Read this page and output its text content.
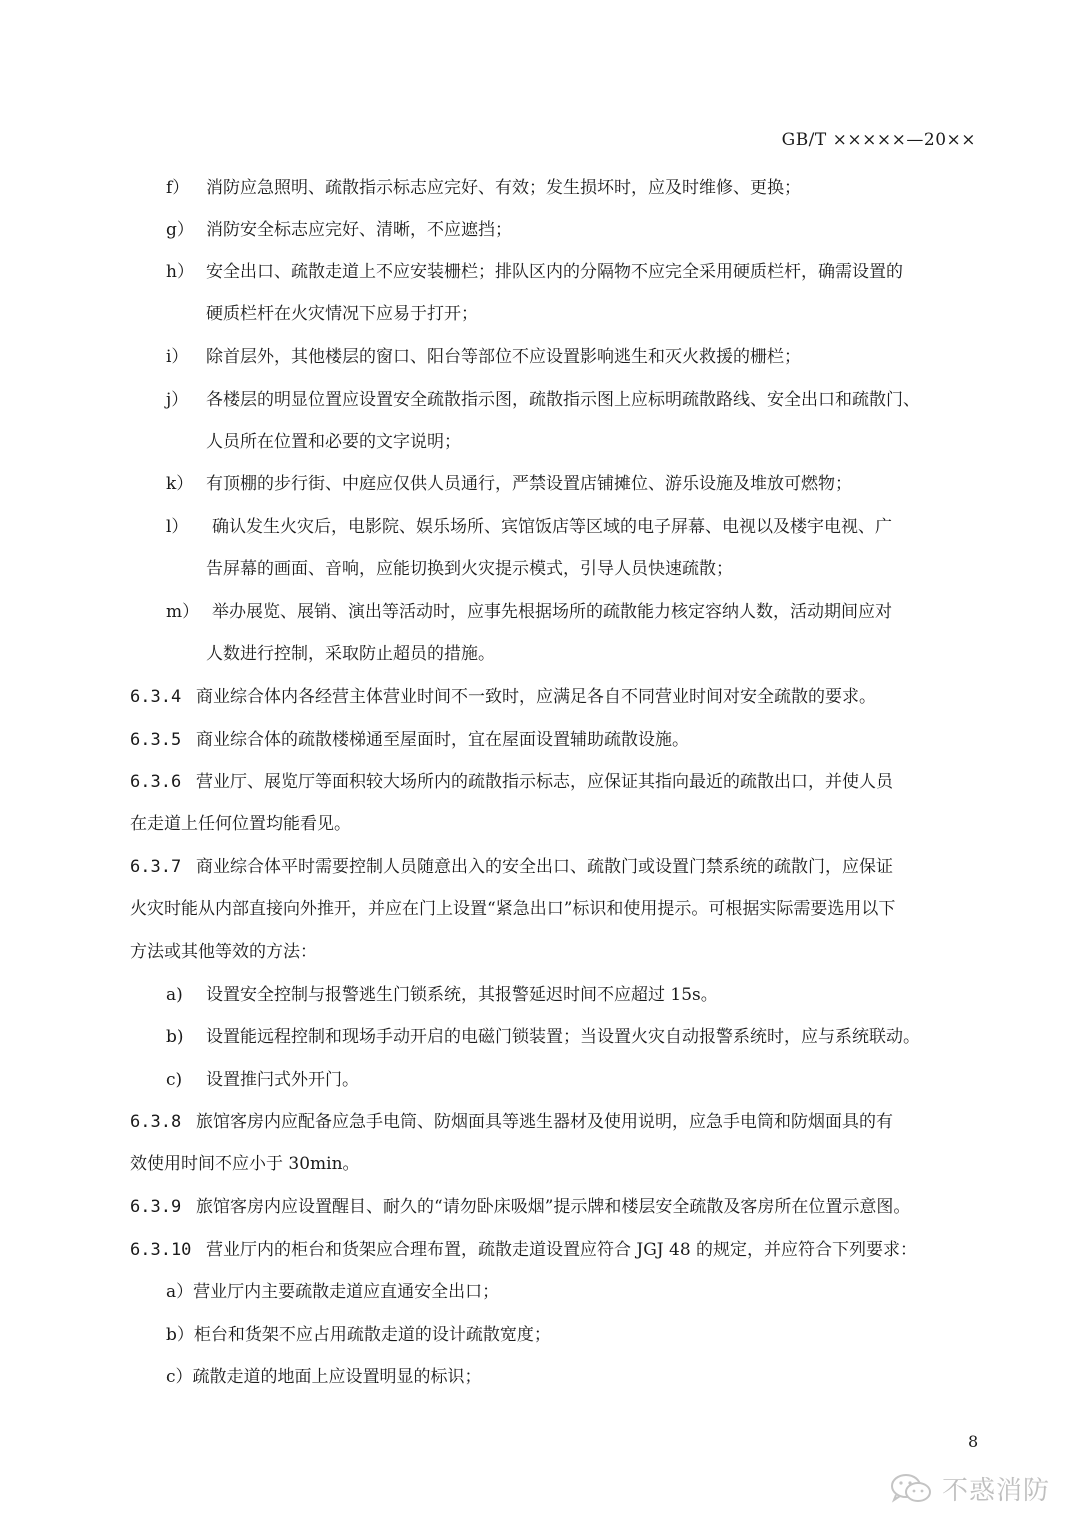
GB/T ×××××—20××
f） 消防应急照明、疏散指示标志应完好、有效；发生损坏时，应及时维修、更换；
g） 消防安全标志应完好、清晰，不应遮挡；
h） 安全出口、疏散走道上不应安装栅栏；排队区内的分隔物不应完全采用硬质栏杆，确需设置的
硬质栏杆在火灾情况下应易于打开；
i） 除首层外，其他楼层的窗口、阳台等部位不应设置影响逃生和灭火救援的栅栏；
j） 各楼层的明显位置应设置安全疏散指示图，疏散指示图上应标明疏散路线、安全出口和疏散门、
人员所在位置和必要的文字说明；
k） 有顶棚的步行街、中庭应仅供人员通行，严禁设置店铺摊位、游乐设施及堆放可燃物；
l） 确认发生火灾后，电影院、娱乐场所、宾馆饭店等区域的电子屏幕、电视以及楼宇电视、广
告屏幕的画面、音响，应能切换到火灾提示模式，引导人员快速疏散；
m） 举办展览、展销、演出等活动时，应事先根据场所的疏散能力核定容纳人数，活动期间应对
人数进行控制，采取防止超员的措施。
6.3.4 商业综合体内各经营主体营业时间不一致时，应满足各自不同营业时间对安全疏散的要求。
6.3.5 商业综合体的疏散楼梯通至屋面时，宜在屋面设置辅助疏散设施。
6.3.6 营业厅、展览厅等面积较大场所内的疏散指示标志，应保证其指向最近的疏散出口，并使人员
在走道上任何位置均能看见。
6.3.7 商业综合体平时需要控制人员随意出入的安全出口、疏散门或设置门禁系统的疏散门，应保证
火灾时能从内部直接向外推开，并应在门上设置“紧急出口”标识和使用提示。可根据实际需要选用以下
方法或其他等效的方法：
a) 设置安全控制与报警逃生门锁系统，其报警延迟时间不应超过 15s。
b) 设置能远程控制和现场手动开启的电磁门锁装置；当设置火灾自动报警系统时，应与系统联动。
c) 设置推闩式外开门。
6.3.8 旅馆客房内应配备应急手电筒、防烟面具等逃生器材及使用说明，应急手电筒和防烟面具的有
效使用时间不应小于 30min。
6.3.9 旅馆客房内应设置醒目、耐久的“请勿卧床吸烟”提示牌和楼层安全疏散及客房所在位置示意图。
6.3.10 营业厅内的柜台和货架应合理布置，疏散走道设置应符合 JGJ 48 的规定，并应符合下列要求：
a）营业厅内主要疏散走道应直通安全出口；
b）柜台和货架不应占用疏散走道的设计疏散宽度；
c）疏散走道的地面上应设置明显的标识；
8
不惑消防
